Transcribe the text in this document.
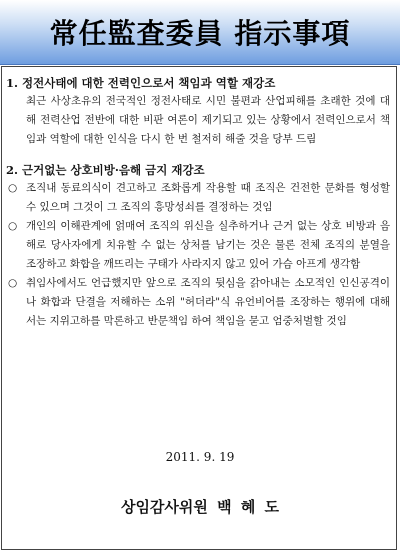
常任監査委員 指示事項

1. 정전사태에 대한 전력인으로서 책임과 역할 재강조

최근 사상초유의 전국적인 정전사태로 시민 불편과 산업피해를 초래한 것에 대해 전력산업 전반에 대한 비판 여론이 제기되고 있는 상황에서 전력인으로서 책임과 역할에 대한 인식을 다시 한 번 철저히 해줄 것을 당부 드림

2. 근거없는 상호비방·음해 금지 재강조

○ 조직내 동료의식이 견고하고 조화롭게 작용할 때 조직은 건전한 문화를 형성할 수 있으며 그것이 그 조직의 흥망성쇠를 결정하는 것임
○ 개인의 이해관계에 얽매여 조직의 위신을 실추하거나 근거 없는 상호 비방과 음해로 당사자에게 치유할 수 없는 상처를 남기는 것은 물론 전체 조직의 분열을 조장하고 화합을 깨뜨리는 구태가 사라지지 않고 있어 가슴 아프게 생각함
○ 취임사에서도 언급했지만 앞으로 조직의 뒷심을 갉아내는 소모적인 인신공격이나 화합과 단결을 저해하는 소위 "허더라"식 유언비어를 조장하는 행위에 대해서는 지위고하를 막론하고 반문책임 하여 책임을 묻고 엄중처벌할 것임
2011. 9. 19
상임감사위원 백 혜 도
